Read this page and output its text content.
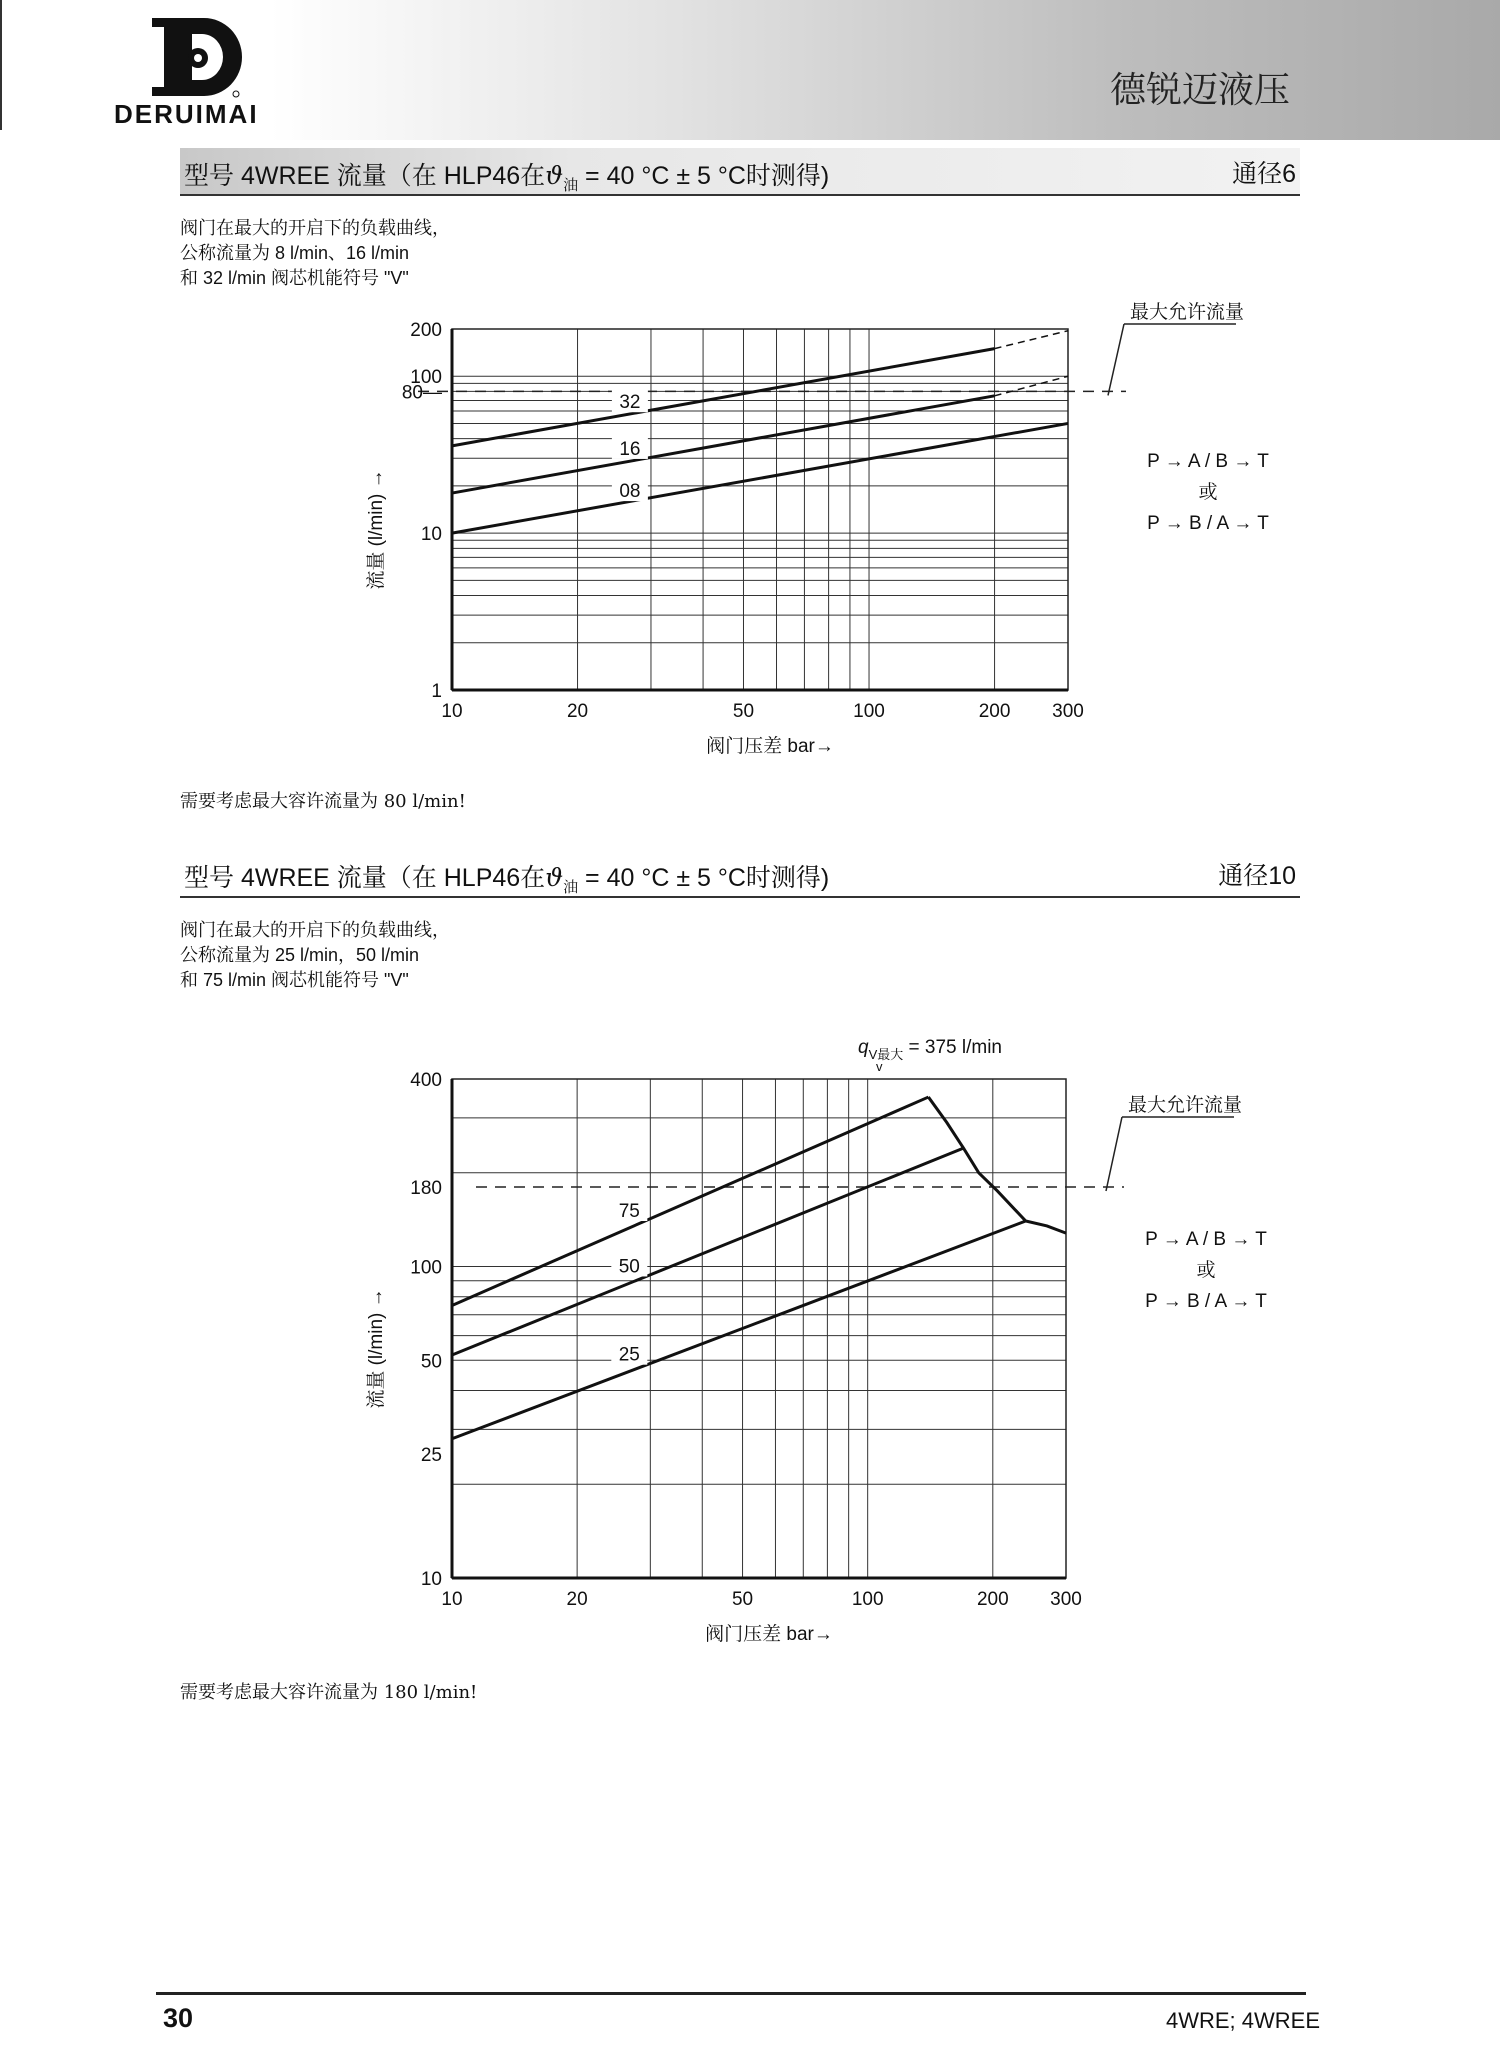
DERUIMAI
德锐迈液压
型号 4WREE 流量（在 HLP46在$ϑ_油 = 40$ °C ± 5 °C时测得)	通径6
阀门在最大的开启下的负载曲线，
公称流量为 8 l/min、16 l/min
和 32 l/min 阀芯机能符号 "V"
10	20	50	100	200 300
1
10
100
200
阀门压差 bar→
流量 (l/min) →
80—
最大允许流量
P → A / B → T
或
P → B / A → T
32
16
08
需要考虑最大容许流量为 80 l/min!
型号 4WREE 流量（在 HLP46在$ϑ_油 = 40$ °C ± 5 °C时测得)	通径10
阀门在最大的开启下的负载曲线，
公称流量为 25 l/min，50 l/min
和 75 l/min 阀芯机能符号 "V"
10	20	50	100	200 300
10
25
50
100
400
阀门压差 bar→
流量 (l/min) →
180
最大允许流量
P → A / B → T
或
P → B / A → T
75
50
25
$q_{V最大} = 375$ l/min
v
需要考虑最大容许流量为 180 l/min!
30	4WRE; 4WREE
